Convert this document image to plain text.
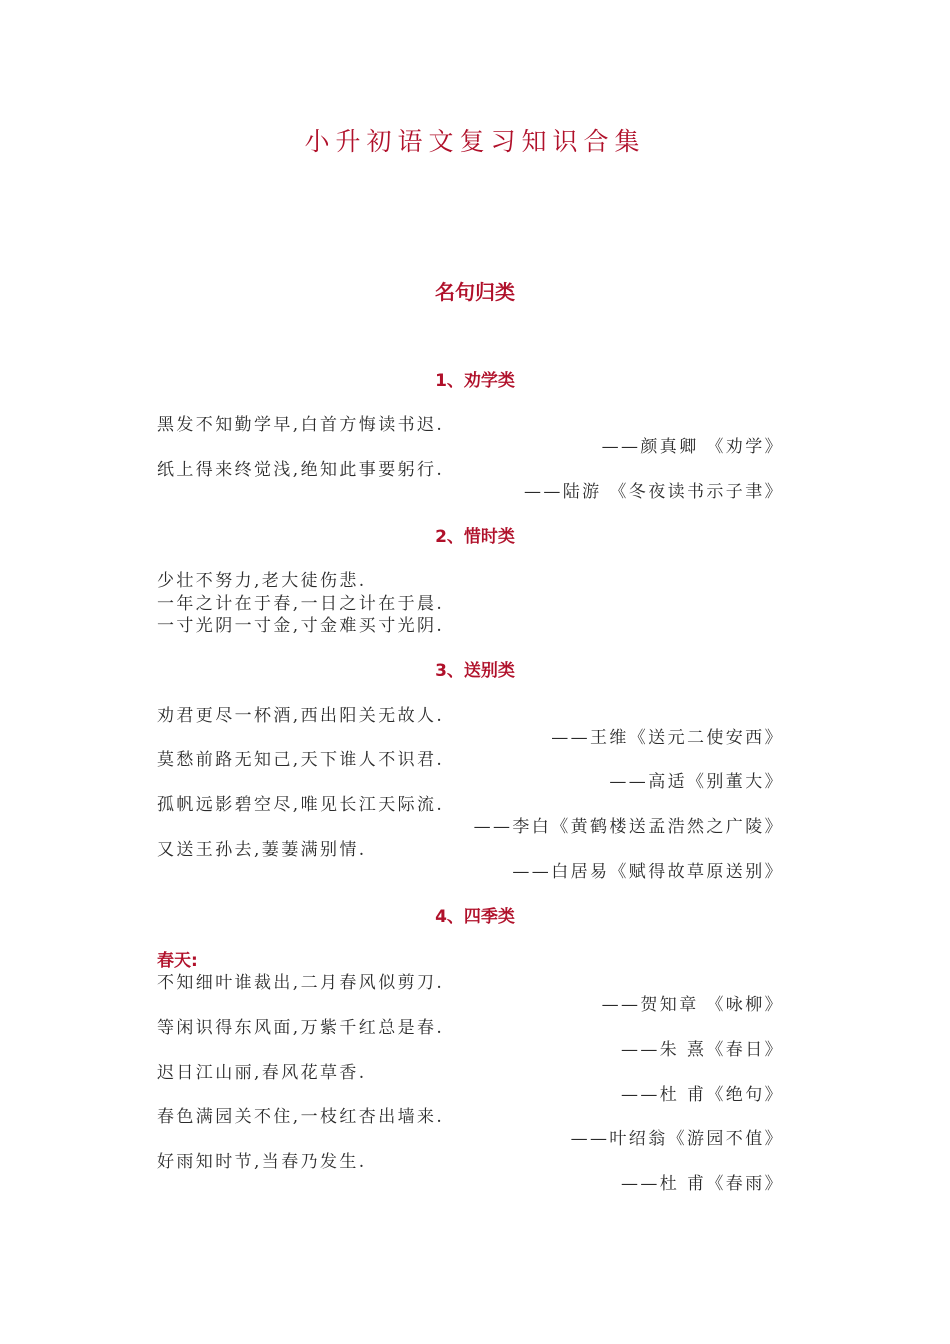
小升初语文复习知识合集
名句归类
1、劝学类
黑发不知勤学早,白首方悔读书迟.
——颜真卿 《劝学》
纸上得来终觉浅,绝知此事要躬行.
——陆游 《冬夜读书示子聿》
2、惜时类
少壮不努力,老大徒伤悲.
一年之计在于春,一日之计在于晨.
一寸光阴一寸金,寸金难买寸光阴.
3、送别类
劝君更尽一杯酒,西出阳关无故人.
——王维《送元二使安西》
莫愁前路无知己,天下谁人不识君.
——高适《别董大》
孤帆远影碧空尽,唯见长江天际流.
——李白《黄鹤楼送孟浩然之广陵》
又送王孙去,萋萋满别情.
——白居易《赋得故草原送别》
4、四季类
春天:
不知细叶谁裁出,二月春风似剪刀.
——贺知章 《咏柳》
等闲识得东风面,万紫千红总是春.
——朱 熹《春日》
迟日江山丽,春风花草香.
——杜 甫《绝句》
春色满园关不住,一枝红杏出墙来.
——叶绍翁《游园不值》
好雨知时节,当春乃发生.
——杜 甫《春雨》
